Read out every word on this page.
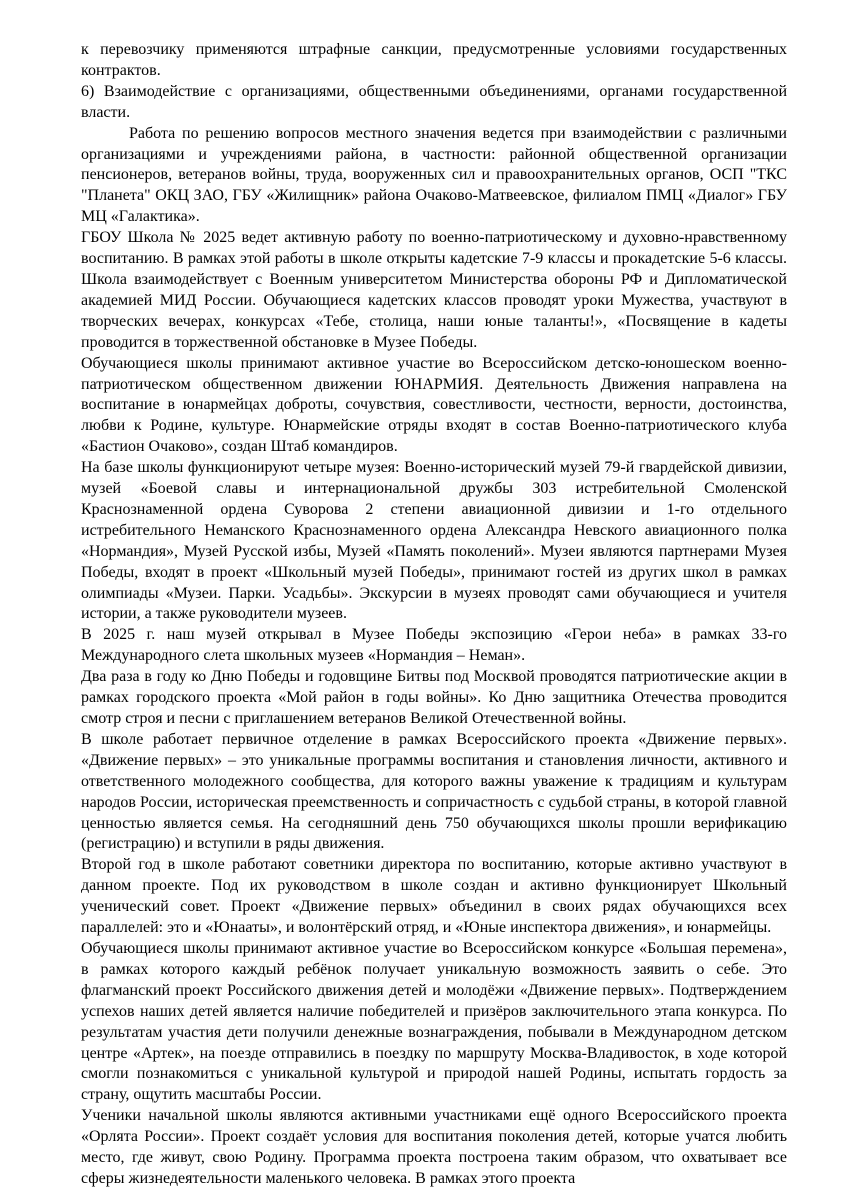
к перевозчику применяются штрафные санкции, предусмотренные условиями государственных контрактов.

6) Взаимодействие с организациями, общественными объединениями, органами государственной власти.

Работа по решению вопросов местного значения ведется при взаимодействии с различными организациями и учреждениями района, в частности: районной общественной организации пенсионеров, ветеранов войны, труда, вооруженных сил и правоохранительных органов, ОСП "ТКС "Планета" ОКЦ ЗАО, ГБУ «Жилищник» района Очаково-Матвеевское, филиалом ПМЦ «Диалог» ГБУ МЦ «Галактика».

ГБОУ Школа № 2025 ведет активную работу по военно-патриотическому и духовно-нравственному воспитанию. В рамках этой работы в школе открыты кадетские 7-9 классы и прокадетские 5-6 классы. Школа взаимодействует с Военным университетом Министерства обороны РФ и Дипломатической академией МИД России. Обучающиеся кадетских классов проводят уроки Мужества, участвуют в творческих вечерах, конкурсах «Тебе, столица, наши юные таланты!», «Посвящение в кадеты проводится в торжественной обстановке в Музее Победы.

Обучающиеся школы принимают активное участие во Всероссийском детско-юношеском военно-патриотическом общественном движении ЮНАРМИЯ. Деятельность Движения направлена на воспитание в юнармейцах доброты, сочувствия, совестливости, честности, верности, достоинства, любви к Родине, культуре. Юнармейские отряды входят в состав Военно-патриотического клуба «Бастион Очаково», создан Штаб командиров.

На базе школы функционируют четыре музея: Военно-исторический музей 79-й гвардейской дивизии, музей «Боевой славы и интернациональной дружбы 303 истребительной Смоленской Краснознаменной ордена Суворова 2 степени авиационной дивизии и 1-го отдельного истребительного Неманского Краснознаменного ордена Александра Невского авиационного полка «Нормандия», Музей Русской избы, Музей «Память поколений». Музеи являются партнерами Музея Победы, входят в проект «Школьный музей Победы», принимают гостей из других школ в рамках олимпиады «Музеи. Парки. Усадьбы». Экскурсии в музеях проводят сами обучающиеся и учителя истории, а также руководители музеев.

В 2025 г. наш музей открывал в Музее Победы экспозицию «Герои неба» в рамках 33-го Международного слета школьных музеев «Нормандия – Неман».

Два раза в году ко Дню Победы и годовщине Битвы под Москвой проводятся патриотические акции в рамках городского проекта «Мой район в годы войны». Ко Дню защитника Отечества проводится смотр строя и песни с приглашением ветеранов Великой Отечественной войны.

В школе работает первичное отделение в рамках Всероссийского проекта «Движение первых». «Движение первых» – это уникальные программы воспитания и становления личности, активного и ответственного молодежного сообщества, для которого важны уважение к традициям и культурам народов России, историческая преемственность и сопричастность с судьбой страны, в которой главной ценностью является семья. На сегодняшний день 750 обучающихся школы прошли верификацию (регистрацию) и вступили в ряды движения.

Второй год в школе работают советники директора по воспитанию, которые активно участвуют в данном проекте. Под их руководством в школе создан и активно функционирует Школьный ученический совет. Проект «Движение первых» объединил в своих рядах обучающихся всех параллелей: это и «Юнааты», и волонтёрский отряд, и «Юные инспектора движения», и юнармейцы.

Обучающиеся школы принимают активное участие во Всероссийском конкурсе «Большая перемена», в рамках которого каждый ребёнок получает уникальную возможность заявить о себе. Это флагманский проект Российского движения детей и молодёжи «Движение первых». Подтверждением успехов наших детей является наличие победителей и призёров заключительного этапа конкурса. По результатам участия дети получили денежные вознаграждения, побывали в Международном детском центре «Артек», на поезде отправились в поездку по маршруту Москва-Владивосток, в ходе которой смогли познакомиться с уникальной культурой и природой нашей Родины, испытать гордость за страну, ощутить масштабы России.

Ученики начальной школы являются активными участниками ещё одного Всероссийского проекта «Орлята России». Проект создаёт условия для воспитания поколения детей, которые учатся любить место, где живут, свою Родину. Программа проекта построена таким образом, что охватывает все сферы жизнедеятельности маленького человека. В рамках этого проекта
